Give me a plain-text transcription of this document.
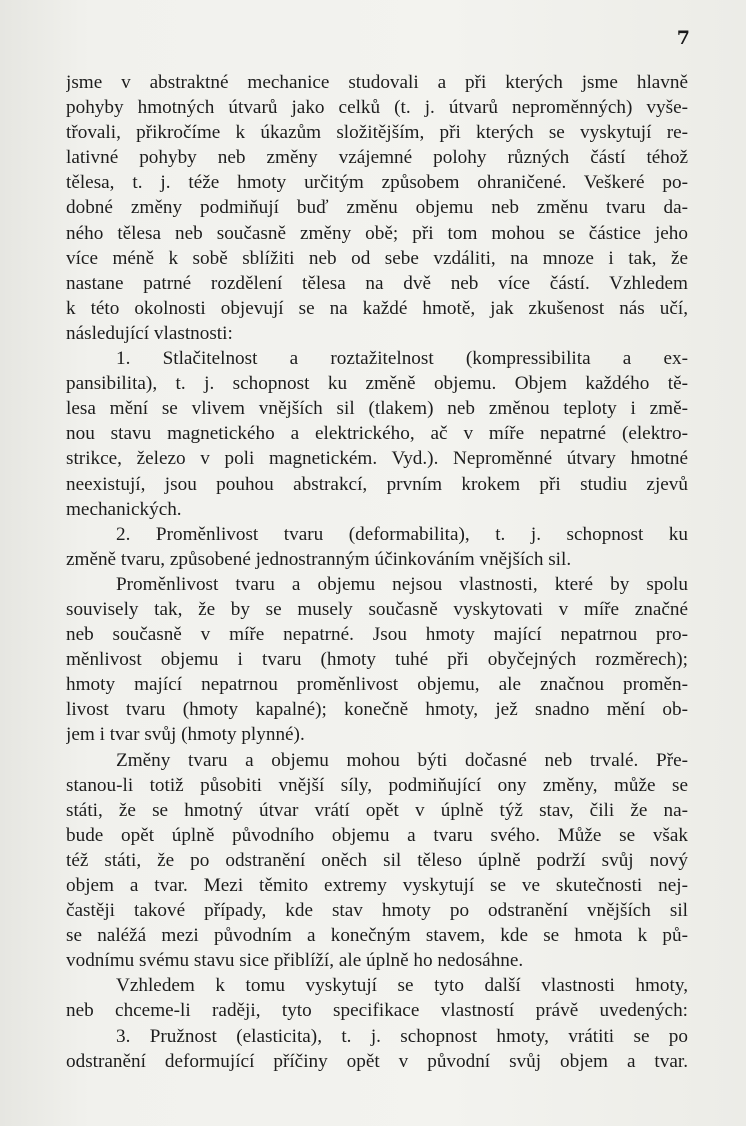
7
jsme v abstraktné mechanice studovali a při kterých jsme hlavně
pohyby hmotných útvarů jako celků (t. j. útvarů neproměnných) vyše-
třovali, přikročíme k úkazům složitějším, při kterých se vyskytují re-
lativné pohyby neb změny vzájemné polohy různých částí téhož
tělesa, t. j. téže hmoty určitým způsobem ohraničené. Veškeré po-
dobné změny podmiňují buď změnu objemu neb změnu tvaru da-
ného tělesa neb současně změny obě; při tom mohou se částice jeho
více méně k sobě sblížiti neb od sebe vzdáliti, na mnoze i tak, že
nastane patrné rozdělení tělesa na dvě neb více částí. Vzhledem
k této okolnosti objevují se na každé hmotě, jak zkušenost nás učí,
následující vlastnosti:
1. Stlačitelnost a roztažitelnost (kompressibilita a ex-
pansibilita), t. j. schopnost ku změně objemu. Objem každého tě-
lesa mění se vlivem vnějších sil (tlakem) neb změnou teploty i změ-
nou stavu magnetického a elektrického, ač v míře nepatrné (elektro-
strikce, železo v poli magnetickém. Vyd.). Neproměnné útvary hmotné
neexistují, jsou pouhou abstrakcí, prvním krokem při studiu zjevů
mechanických.
2. Proměnlivost tvaru (deformabilita), t. j. schopnost ku
změně tvaru, způsobené jednostranným účinkováním vnějších sil.
Proměnlivost tvaru a objemu nejsou vlastnosti, které by spolu
souvisely tak, že by se musely současně vyskytovati v míře značné
neb současně v míře nepatrné. Jsou hmoty mající nepatrnou pro-
měnlivost objemu i tvaru (hmoty tuhé při obyčejných rozměrech);
hmoty mající nepatrnou proměnlivost objemu, ale značnou proměn-
livost tvaru (hmoty kapalné); konečně hmoty, jež snadno mění ob-
jem i tvar svůj (hmoty plynné).
Změny tvaru a objemu mohou býti dočasné neb trvalé. Pře-
stanou-li totiž působiti vnější síly, podmiňující ony změny, může se
státi, že se hmotný útvar vrátí opět v úplně týž stav, čili že na-
bude opět úplně původního objemu a tvaru svého. Může se však
též státi, že po odstranění oněch sil těleso úplně podrží svůj nový
objem a tvar. Mezi těmito extremy vyskytují se ve skutečnosti nej-
častěji takové případy, kde stav hmoty po odstranění vnějších sil
se naléžá mezi původním a konečným stavem, kde se hmota k pů-
vodnímu svému stavu sice přiblíží, ale úplně ho nedosáhne.
Vzhledem k tomu vyskytují se tyto další vlastnosti hmoty,
neb chceme-li raději, tyto specifikace vlastností právě uvedených:
3. Pružnost (elasticita), t. j. schopnost hmoty, vrátiti se po
odstranění deformující příčiny opět v původní svůj objem a tvar.
